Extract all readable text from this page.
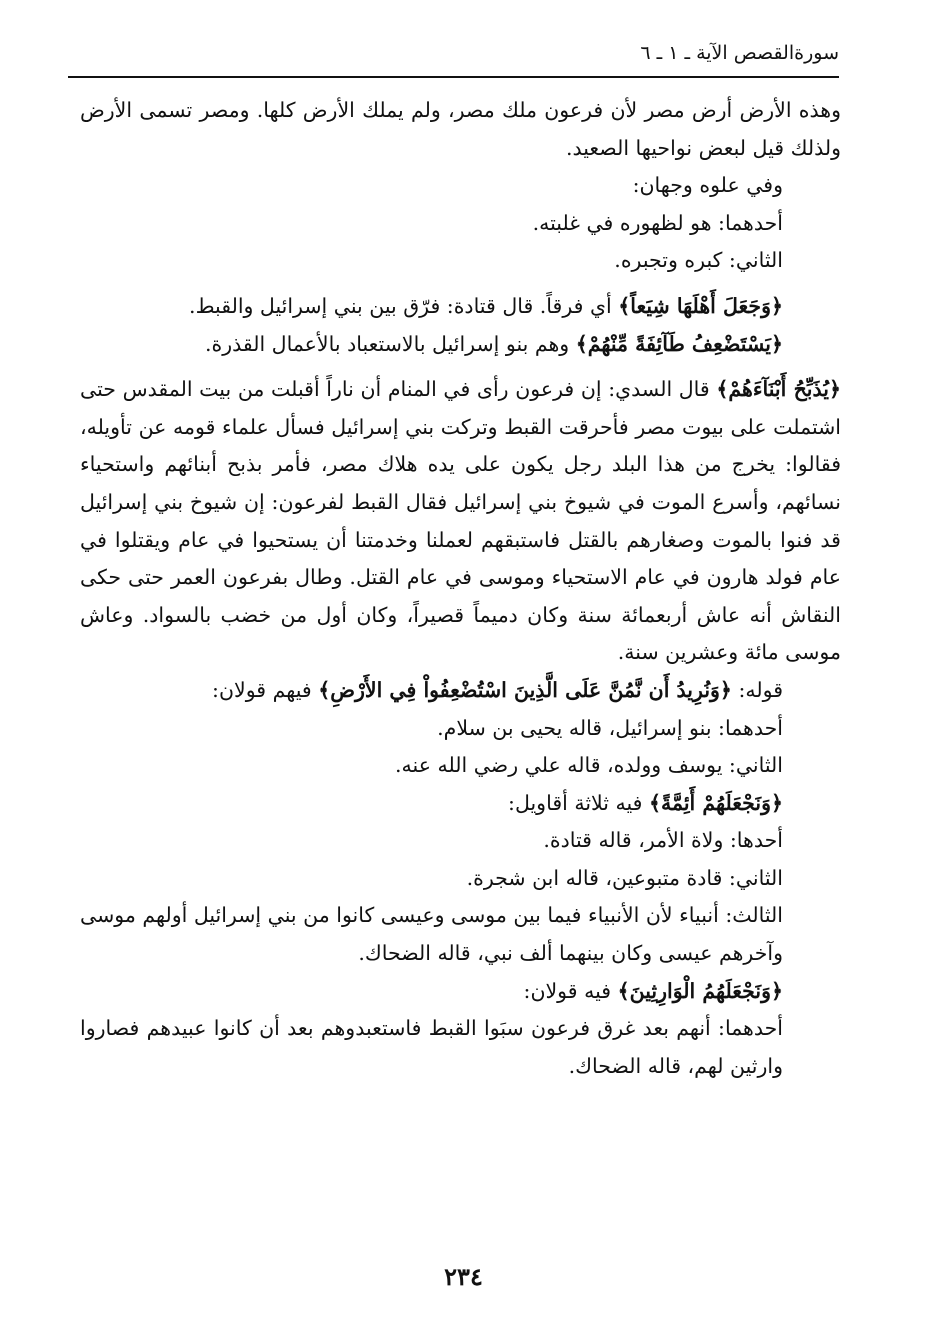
سورةالقصص الآية ـ ١ ـ ٦

وهذه الأرض أرض مصر لأن فرعون ملك مصر، ولم يملك الأرض كلها. ومصر تسمى الأرض ولذلك قيل لبعض نواحيها الصعيد.

وفي علوه وجهان:

أحدهما: هو لظهوره في غلبته.

الثاني: كبره وتجبره.

﴿وَجَعَلَ أَهْلَهَا شِيَعاً﴾ أي فرقاً. قال قتادة: فرّق بين بني إسرائيل والقبط.

﴿يَسْتَضْعِفُ طَآئِفَةً مِّنْهُمْ﴾ وهم بنو إسرائيل بالاستعباد بالأعمال القذرة.

﴿يُذَبِّحُ أَبْنَآءَهُمْ﴾ قال السدي: إن فرعون رأى في المنام أن ناراً أقبلت من بيت المقدس حتى اشتملت على بيوت مصر فأحرقت القبط وتركت بني إسرائيل فسأل علماء قومه عن تأويله، فقالوا: يخرج من هذا البلد رجل يكون على يده هلاك مصر، فأمر بذبح أبنائهم واستحياء نسائهم، وأسرع الموت في شيوخ بني إسرائيل فقال القبط لفرعون: إن شيوخ بني إسرائيل قد فنوا بالموت وصغارهم بالقتل فاستبقهم لعملنا وخدمتنا أن يستحيوا في عام ويقتلوا في عام فولد هارون في عام الاستحياء وموسى في عام القتل. وطال بفرعون العمر حتى حكى النقاش أنه عاش أربعمائة سنة وكان دميماً قصيراً، وكان أول من خضب بالسواد. وعاش موسى مائة وعشرين سنة.

قوله: ﴿وَنُرِيدُ أَن نَّمُنَّ عَلَى الَّذِينَ اسْتُضْعِفُواْ فِي الأَرْضِ﴾ فيهم قولان:

أحدهما: بنو إسرائيل، قاله يحيى بن سلام.

الثاني: يوسف وولده، قاله علي رضي الله عنه.

﴿وَنَجْعَلَهُمْ أَئِمَّةً﴾ فيه ثلاثة أقاويل:

أحدها: ولاة الأمر، قاله قتادة.

الثاني: قادة متبوعين، قاله ابن شجرة.

الثالث: أنبياء لأن الأنبياء فيما بين موسى وعيسى كانوا من بني إسرائيل أولهم موسى وآخرهم عيسى وكان بينهما ألف نبي، قاله الضحاك.

﴿وَنَجْعَلَهُمُ الْوَارِثِينَ﴾ فيه قولان:

أحدهما: أنهم بعد غرق فرعون سبَوا القبط فاستعبدوهم بعد أن كانوا عبيدهم فصاروا وارثين لهم، قاله الضحاك.

٢٣٤
